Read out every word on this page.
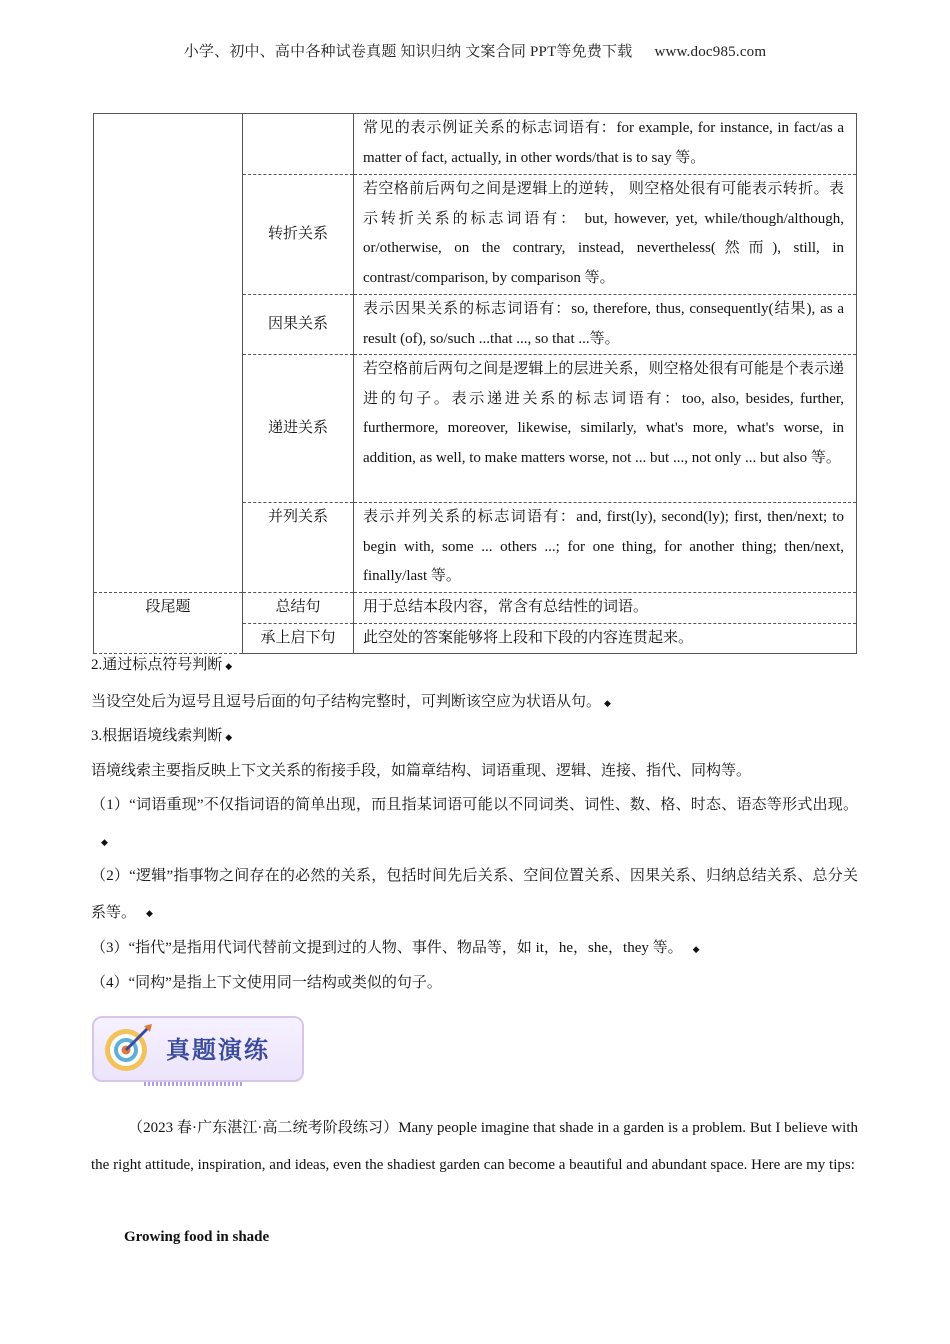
小学、初中、高中各种试卷真题 知识归纳 文案合同 PPT等免费下载 www.doc985.com
		常见的表示例证关系的标志词语有：for example, for instance, in fact/as a matter of fact, actually, in other words/that is to say 等。
	转折关系	若空格前后两句之间是逻辑上的逆转， 则空格处很有可能表示转折。表示转折关系的标志词语有： but, however, yet, while/though/although, or/otherwise, on the contrary, instead, nevertheless(然而), still, in contrast/comparison, by comparison 等。
	因果关系	表示因果关系的标志词语有：so, therefore, thus, consequently(结果), as a result (of), so/such ...that ..., so that ...等。
	递进关系	若空格前后两句之间是逻辑上的层进关系，则空格处很有可能是个表示递进的句子。表示递进关系的标志词语有：too, also, besides, further, furthermore, moreover, likewise, similarly, what's more, what's worse, in addition, as well, to make matters worse, not ... but ..., not only ... but also 等。
	并列关系	表示并列关系的标志词语有：and, first(ly), second(ly); first, then/next; to begin with, some ... others ...; for one thing, for another thing; then/next, finally/last 等。
段尾题	总结句	用于总结本段内容，常含有总结性的词语。
	承上启下句	此空处的答案能够将上段和下段的内容连贯起来。
2.通过标点符号判断 ◆
当设空处后为逗号且逗号后面的句子结构完整时，可判断该空应为状语从句。 ◆
3.根据语境线索判断 ◆
语境线索主要指反映上下文关系的衔接手段，如篇章结构、词语重现、逻辑、连接、指代、同构等。
（1）“词语重现”不仅指词语的简单出现，而且指某词语可能以不同词类、词性、数、格、时态、语态等形式出现。◆
（2）“逻辑”指事物之间存在的必然的关系，包括时间先后关系、空间位置关系、因果关系、归纳总结关系、总分关系等。 ◆
（3）“指代”是指用代词代替前文提到过的人物、事件、物品等，如 it，he，she，they 等。 ◆
（4）“同构”是指上下文使用同一结构或类似的句子。
真题演练
（2023 春·广东湛江·高二统考阶段练习）Many people imagine that shade in a garden is a problem. But I believe with the right attitude, inspiration, and ideas, even the shadiest garden can become a beautiful and abundant space. Here are my tips:
Growing food in shade
